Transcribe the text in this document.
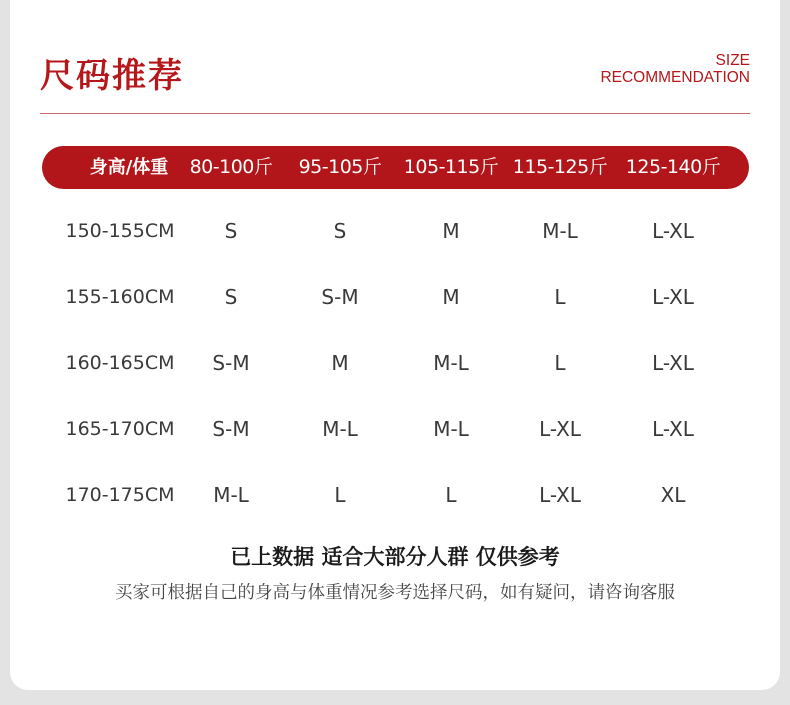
尺码推荐	SIZE
RECOMMENDATION
身高/体重 80-100斤 95-105斤 105-115斤 115-125斤 125-140斤
150-155CM	S	S	M	M-L	L-XL
155-160CM	S	S-M	M	L	L-XL
160-165CM S-M	M	M-L	L	L-XL
165-170CM S-M	M-L	M-L	L-XL	L-XL
170-175CM M-L	L	L	L-XL	XL
已上数据 适合大部分人群 仅供参考
买家可根据自己的身高与体重情况参考选择尺码，如有疑问，请咨询客服
